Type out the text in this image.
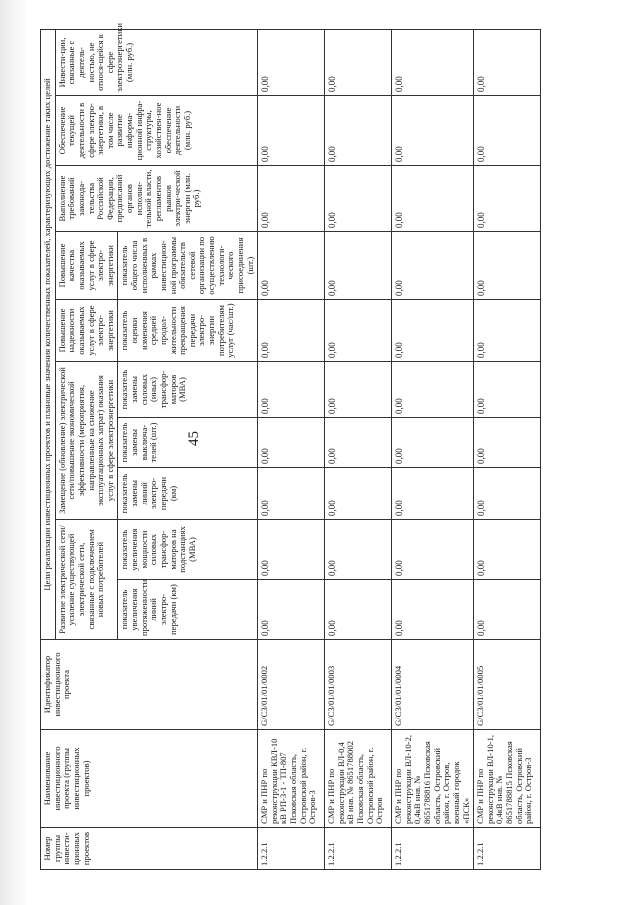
45
Номер группы инвести-ционных проектов	Наименование инвестиционного проекта (группы инвестиционных проектов)	Идентификатор инвестиционного проекта	Цели реализации инвестиционных проектов и плановые значения количественных показателей, характеризующих достижение таких целей									
			Развитие электрической сети/усиление существующей электрической сети, связанные с подключением новых потребителей		Замещение (обновление) электрической сети/повышение экономической эффективности (мероприятия, направленные на снижение эксплуатационных затрат) оказания услуг в сфере электроэнергетики			Повышение надежности оказываемых услуг в сфере электро-энергетики	Повышение качества оказываемых услуг в сфере электро-энергетики	Выполнение требований законода-тельства Российской Федерации, предписаний органов исполни-тельной власти, регламентов рынков электри-ческой энергии (млн. руб.)	Обеспечение текущей деятельности в сфере электро-энергетики, в том числе развитие информа-ционной инфра-структуры, хозяйствен-ное обеспечение деятельности (млн. руб.)	Инвести-ции, связанные с деятель-ностью, не относя-щейся к сфере электроэнергетики (млн. руб.)
			показатель увеличения протяженности линий электро-передачи (км)	показатель увеличения мощности силовых трансфор-маторов на подстанциях (МВА)	показатель замены линий электро-передачи (км)	показатель замены выключа-телей (шт.)	показатель замены силовых (иных) трансфор-маторов (МВА)	показатель оценки изменения средней продол-жительности прекращения передачи электро-энергии потребителям услуг (час/шт.)	показатель общего числа исполненных в рамках инвестицион-ной программы обязательств сетевой организации по осуществлению технологи-ческого присоединения (шт.)			
1.2.2.1	СМР и ПНР по реконструкции КВЛ-10 кВ РП-3-1 - ТП-807 Псковская область, Островский район, г. Остров-3	G/C3/01/01/0002	0,00	0,00	0,00	0,00	0,00	0,00	0,00	0,00	0,00	0,00
1.2.2.1	СМР и ПНР по реконструкции ВЛ-0,4 кВ инв. № 8651788002 Псковская область, Островский район, г. Остров	G/C3/01/01/0003	0,00	0,00	0,00	0,00	0,00	0,00	0,00	0,00	0,00	0,00
1.2.2.1	СМР и ПНР по реконструкции ВЛ-10-2, 0,4кВ инв. № 8651788816 Псковская область, Островский район, г. Остров, военный городок «ПСК»	G/C3/01/01/0004	0,00	0,00	0,00	0,00	0,00	0,00	0,00	0,00	0,00	0,00
1.2.2.1	СМР и ПНР по реконструкции ВЛ-10-1, 0,4кВ инв. № 8651788815 Псковская область, Островский район, г. Остров-3	G/C3/01/01/0005	0,00	0,00	0,00	0,00	0,00	0,00	0,00	0,00	0,00	0,00
